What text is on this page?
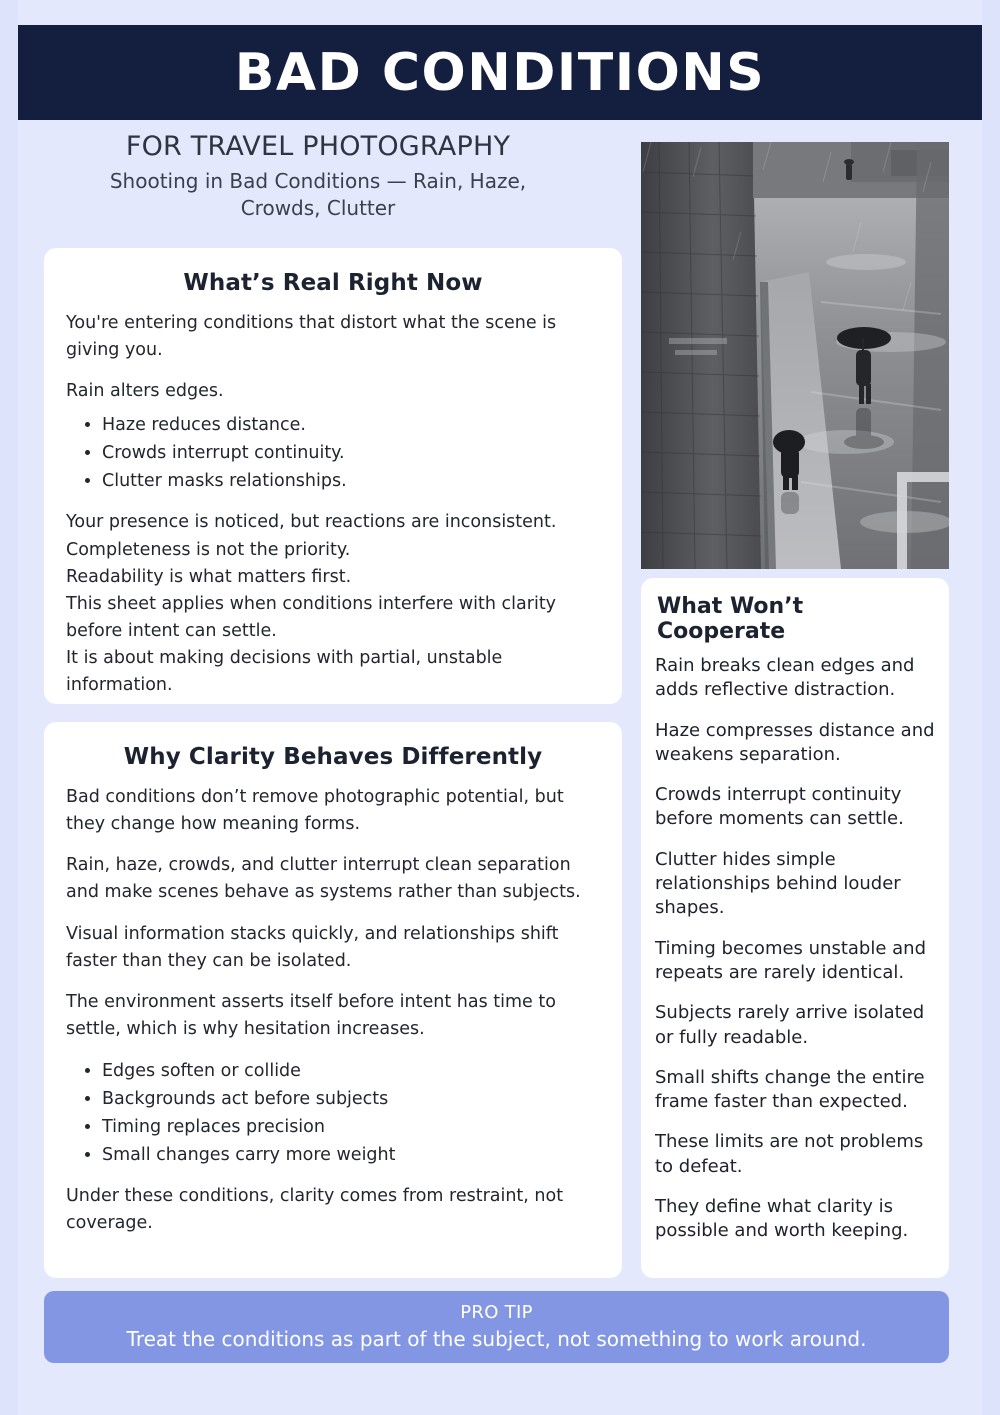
BAD CONDITIONS
FOR TRAVEL PHOTOGRAPHY
Shooting in Bad Conditions — Rain, Haze, Crowds, Clutter
What’s Real Right Now

You're entering conditions that distort what the scene is giving you.

Rain alters edges.

• Haze reduces distance.
• Crowds interrupt continuity.
• Clutter masks relationships.

Your presence is noticed, but reactions are inconsistent.

Completeness is not the priority.

Readability is what matters first.

This sheet applies when conditions interfere with clarity before intent can settle.

It is about making decisions with partial, unstable information.

Why Clarity Behaves Differently

Bad conditions don’t remove photographic potential, but they change how meaning forms.

Rain, haze, crowds, and clutter interrupt clean separation and make scenes behave as systems rather than subjects.

Visual information stacks quickly, and relationships shift faster than they can be isolated.

The environment asserts itself before intent has time to settle, which is why hesitation increases.

• Edges soften or collide
• Backgrounds act before subjects
• Timing replaces precision
• Small changes carry more weight

Under these conditions, clarity comes from restraint, not coverage.

What Won’t Cooperate

Rain breaks clean edges and adds reflective distraction.

Haze compresses distance and weakens separation.

Crowds interrupt continuity before moments can settle.

Clutter hides simple relationships behind louder shapes.

Timing becomes unstable and repeats are rarely identical.

Subjects rarely arrive isolated or fully readable.

Small shifts change the entire frame faster than expected.

These limits are not problems to defeat.

They define what clarity is possible and worth keeping.

PRO TIP
Treat the conditions as part of the subject, not something to work around.
